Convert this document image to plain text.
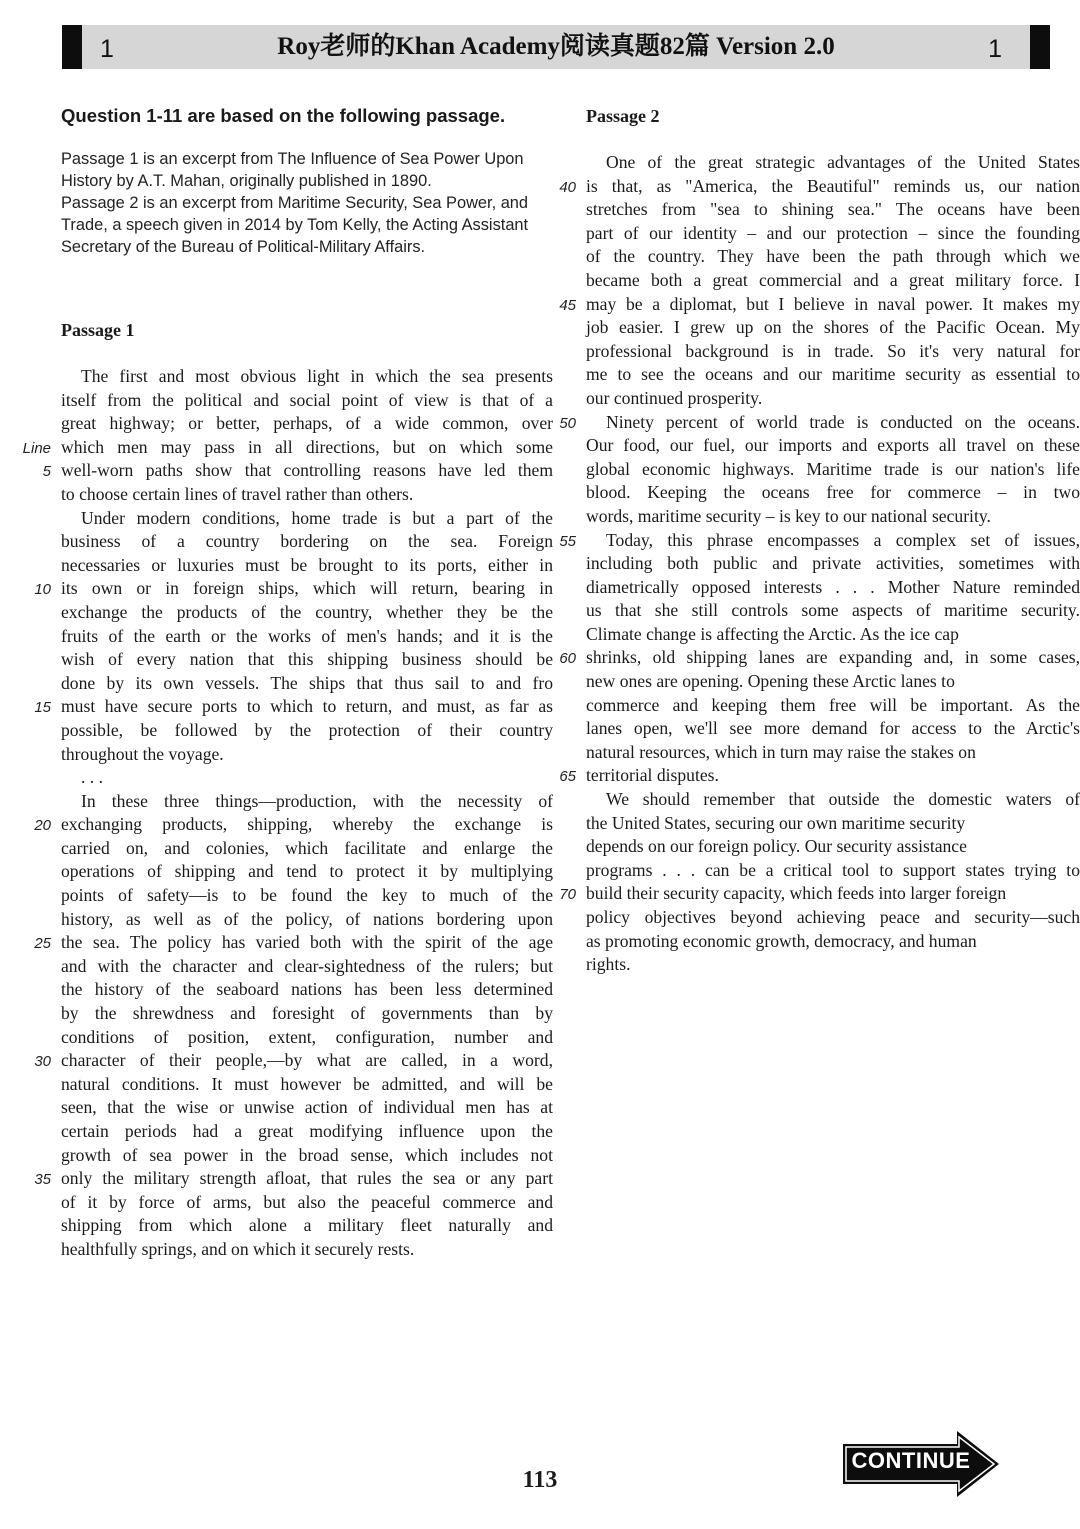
1	Roy老师的Khan Academy阅读真题82篇 Version 2.0	1
Question 1-11 are based on the following passage.

Passage 1 is an excerpt from The Influence of Sea Power Upon History by A.T. Mahan, originally published in 1890.

Passage 2 is an excerpt from Maritime Security, Sea Power, and Trade, a speech given in 2014 by Tom Kelly, the Acting Assistant Secretary of the Bureau of Political-Military Affairs.

Passage 1
The first and most obvious light in which the sea presents
itself from the political and social point of view is that of a
great highway; or better, perhaps, of a wide common, over
Line which men may pass in all directions, but on which some
5 well-worn paths show that controlling reasons have led them
to choose certain lines of travel rather than others.
Under modern conditions, home trade is but a part of the
business of a country bordering on the sea. Foreign
necessaries or luxuries must be brought to its ports, either in
10 its own or in foreign ships, which will return, bearing in
exchange the products of the country, whether they be the
fruits of the earth or the works of men's hands; and it is the
wish of every nation that this shipping business should be
done by its own vessels. The ships that thus sail to and fro
15 must have secure ports to which to return, and must, as far as
possible, be followed by the protection of their country
throughout the voyage.
. . .
In these three things—production, with the necessity of
20 exchanging products, shipping, whereby the exchange is
carried on, and colonies, which facilitate and enlarge the
operations of shipping and tend to protect it by multiplying
points of safety—is to be found the key to much of the
history, as well as of the policy, of nations bordering upon
25 the sea. The policy has varied both with the spirit of the age
and with the character and clear-sightedness of the rulers; but
the history of the seaboard nations has been less determined
by the shrewdness and foresight of governments than by
conditions of position, extent, configuration, number and
30 character of their people,—by what are called, in a word,
natural conditions. It must however be admitted, and will be
seen, that the wise or unwise action of individual men has at
certain periods had a great modifying influence upon the
growth of sea power in the broad sense, which includes not
35 only the military strength afloat, that rules the sea or any part
of it by force of arms, but also the peaceful commerce and
shipping from which alone a military fleet naturally and
healthfully springs, and on which it securely rests.
Passage 2
One of the great strategic advantages of the United States
40 is that, as "America, the Beautiful" reminds us, our nation
stretches from "sea to shining sea." The oceans have been
part of our identity – and our protection – since the founding
of the country. They have been the path through which we
became both a great commercial and a great military force. I
45 may be a diplomat, but I believe in naval power. It makes my
job easier. I grew up on the shores of the Pacific Ocean. My
professional background is in trade. So it's very natural for
me to see the oceans and our maritime security as essential to
our continued prosperity.
50	Ninety percent of world trade is conducted on the oceans.
Our food, our fuel, our imports and exports all travel on these
global economic highways. Maritime trade is our nation's life
blood. Keeping the oceans free for commerce – in two
words, maritime security – is key to our national security.
55	Today, this phrase encompasses a complex set of issues,
including both public and private activities, sometimes with
diametrically opposed interests . . . Mother Nature reminded
us that she still controls some aspects of maritime security.
Climate change is affecting the Arctic. As the ice cap
60 shrinks, old shipping lanes are expanding and, in some cases,
new ones are opening. Opening these Arctic lanes to
commerce and keeping them free will be important. As the
lanes open, we'll see more demand for access to the Arctic's
natural resources, which in turn may raise the stakes on
65 territorial disputes.
We should remember that outside the domestic waters of
the United States, securing our own maritime security
depends on our foreign policy. Our security assistance
programs . . . can be a critical tool to support states trying to
70 build their security capacity, which feeds into larger foreign
policy objectives beyond achieving peace and security—such
as promoting economic growth, democracy, and human
rights.
113
CONTINUE
